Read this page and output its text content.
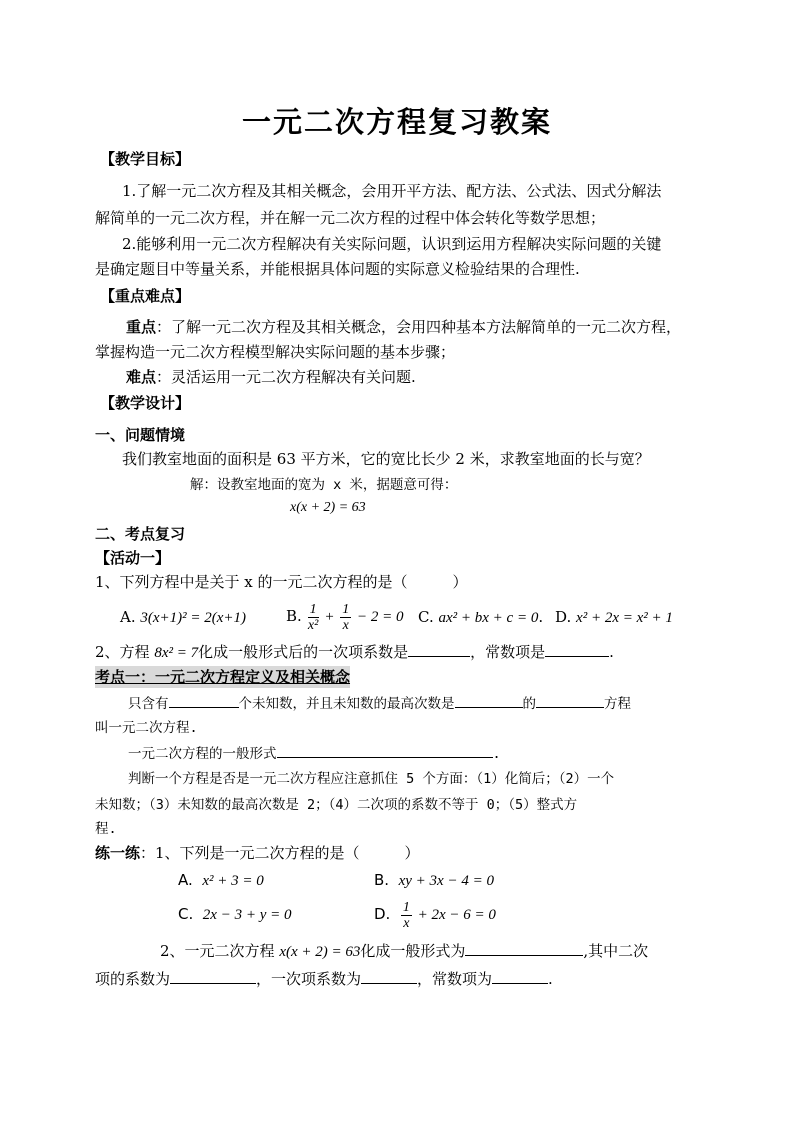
一元二次方程复习教案
【教学目标】
1.了解一元二次方程及其相关概念，会用开平方法、配方法、公式法、因式分解法
解简单的一元二次方程，并在解一元二次方程的过程中体会转化等数学思想；
2.能够利用一元二次方程解决有关实际问题，认识到运用方程解决实际问题的关键
是确定题目中等量关系，并能根据具体问题的实际意义检验结果的合理性.
【重点难点】
重点：了解一元二次方程及其相关概念，会用四种基本方法解简单的一元二次方程，
掌握构造一元二次方程模型解决实际问题的基本步骤；
难点：灵活运用一元二次方程解决有关问题.
【教学设计】
一、问题情境
我们教室地面的面积是 63 平方米，它的宽比长少 2 米，求教室地面的长与宽？
解：设教室地面的宽为 x 米，据题意可得：
x(x + 2) = 63
二、考点复习
【活动一】
1、下列方程中是关于 x 的一元二次方程的是（　　　）
A. 3(x+1)² = 2(x+1)	B. $\frac{1}{\text{x²}} + \frac{1}{x} - 2 = 0$ C. ax² + bx + c = 0. D. x² + 2x = x² + 1
2、方程 8x² = 7化成一般形式后的一次项系数是	，常数项是	.
考点一：一元二次方程定义及相关概念
只含有	个未知数，并且未知数的最高次数是	的	方程
叫一元二次方程.
一元二次方程的一般形式	.
判断一个方程是否是一元二次方程应注意抓住 5 个方面：（1）化简后；（2）一个
未知数；（3）未知数的最高次数是 2；（4）二次项的系数不等于 0；（5）整式方
程.
练一练：1、下列是一元二次方程的是（　　　）
A. x² + 3 = 0	B. xy + 3x − 4 = 0
C. 2x − 3 + y = 0	D. $\frac{1}{x} + 2x - 6 = 0$
2、一元二次方程 x(x + 2) = 63化成一般形式为	,其中二次
项的系数为	，一次项系数为	，常数项为	.
